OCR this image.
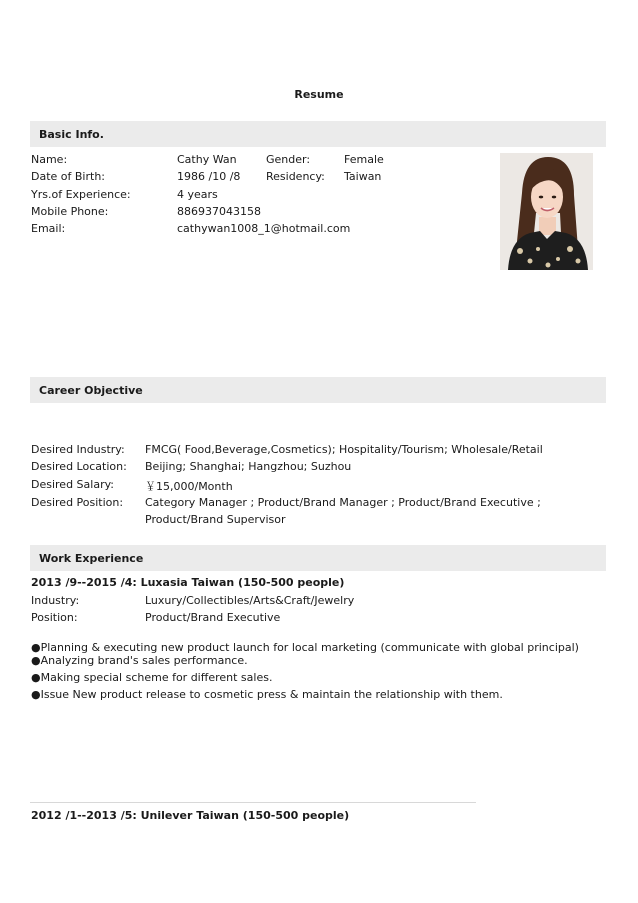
Resume
Basic Info.
Name:	Cathy Wan	Gender:	Female
Date of Birth:	1986 /10 /8 Residency: Taiwan
Yrs.of Experience:	4 years
Mobile Phone:	886937043158
Email:	cathywan1008_1@hotmail.com
Career Objective
Desired Industry: FMCG( Food,Beverage,Cosmetics); Hospitality/Tourism; Wholesale/Retail
Desired Location: Beijing; Shanghai; Hangzhou; Suzhou
Desired Salary:	￥15,000/Month
Desired Position: Category Manager ; Product/Brand Manager ; Product/Brand Executive ;
Product/Brand Supervisor
Work Experience
2013 /9--2015 /4: Luxasia Taiwan (150-500 people)
Industry:	Luxury/Collectibles/Arts&Craft/Jewelry
Position:	Product/Brand Executive
●Planning & executing new product launch for local marketing (communicate with global principal)
●Analyzing brand's sales performance.
●Making special scheme for different sales.
●Issue New product release to cosmetic press & maintain the relationship with them.
2012 /1--2013 /5: Unilever Taiwan (150-500 people)
